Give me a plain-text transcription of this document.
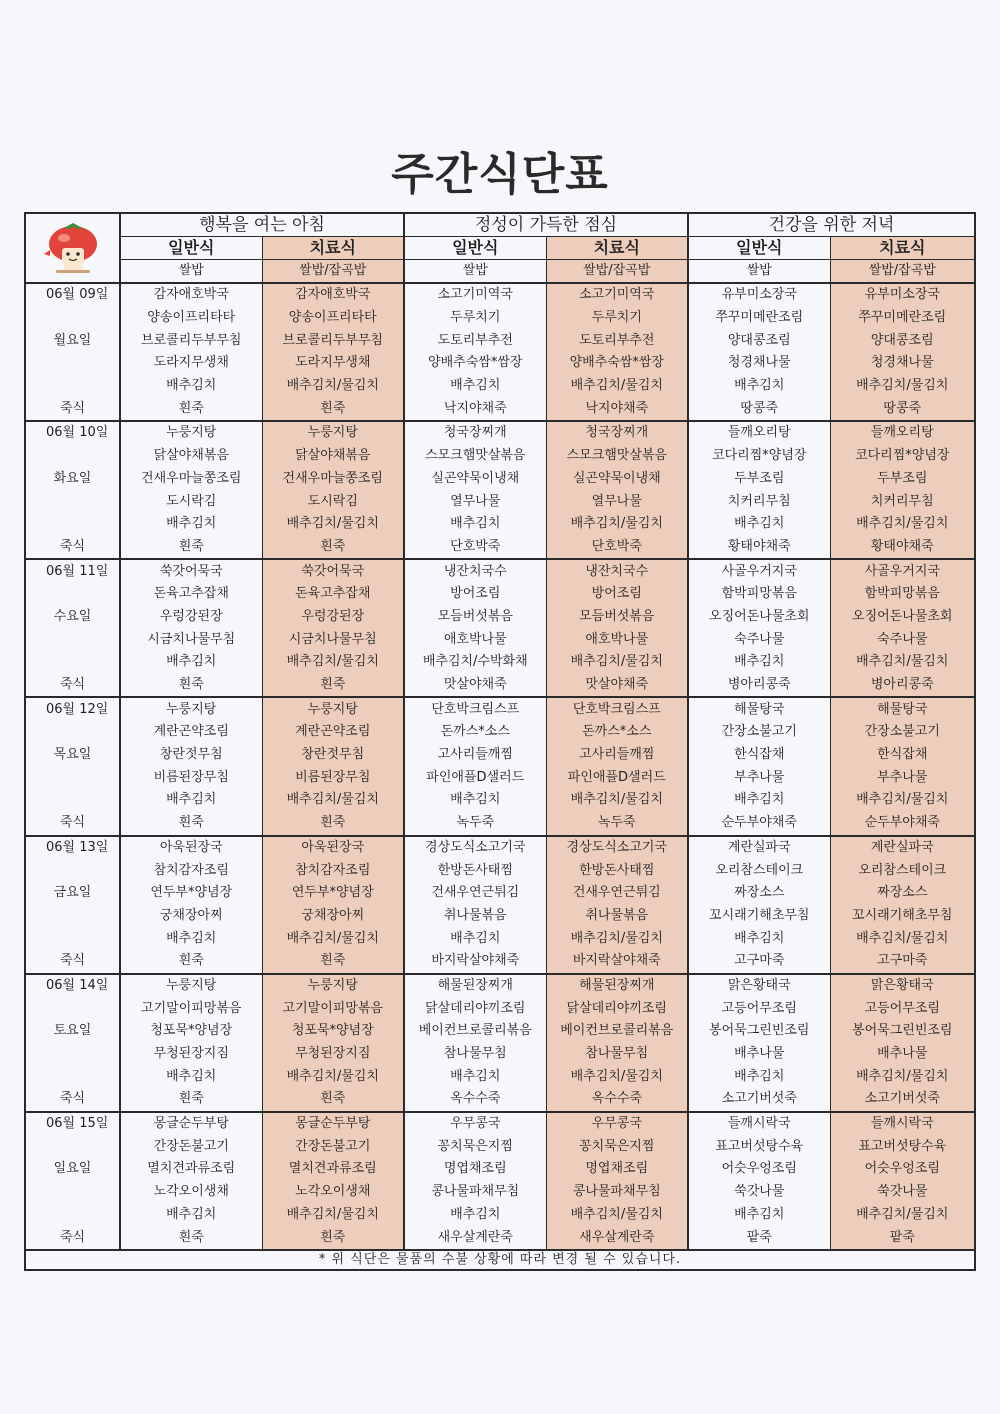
주간식단표
	행복을 여는 아침		정성이 가득한 점심		건강을 위한 저녁	
	일반식	치료식	일반식	치료식	일반식	치료식
	쌀밥	쌀밥/잡곡밥	쌀밥	쌀밥/잡곡밥	쌀밥	쌀밥/잡곡밥
06월 09일	감자애호박국	감자애호박국	소고기미역국	소고기미역국	유부미소장국	유부미소장국
	양송이프리타타	양송이프리타타	두루치기	두루치기	쭈꾸미메란조림	쭈꾸미메란조림
월요일	브로콜리두부무침	브로콜리두부무침	도토리부추전	도토리부추전	양대콩조림	양대콩조림
	도라지무생채	도라지무생채	양배추숙쌈*쌈장	양배추숙쌈*쌈장	청경채나물	청경채나물
	배추김치	배추김치/물김치	배추김치	배추김치/물김치	배추김치	배추김치/물김치
죽식	흰죽	흰죽	낙지야채죽	낙지야채죽	땅콩죽	땅콩죽
06월 10일	누룽지탕	누룽지탕	청국장찌개	청국장찌개	들깨오리탕	들깨오리탕
	닭살야채볶음	닭살야채볶음	스모크햄맛살볶음	스모크햄맛살볶음	코다리찜*양념장	코다리찜*양념장
화요일	건새우마늘쫑조림	건새우마늘쫑조림	실곤약묵이냉채	실곤약묵이냉채	두부조림	두부조림
	도시락김	도시락김	열무나물	열무나물	치커리무침	치커리무침
	배추김치	배추김치/물김치	배추김치	배추김치/물김치	배추김치	배추김치/물김치
죽식	흰죽	흰죽	단호박죽	단호박죽	황태야채죽	황태야채죽
06월 11일	쑥갓어묵국	쑥갓어묵국	냉잔치국수	냉잔치국수	사골우거지국	사골우거지국
	돈육고추잡채	돈육고추잡채	방어조림	방어조림	함박피망볶음	함박피망볶음
수요일	우렁강된장	우렁강된장	모듬버섯볶음	모듬버섯볶음	오징어돈나물초회	오징어돈나물초회
	시금치나물무침	시금치나물무침	애호박나물	애호박나물	숙주나물	숙주나물
	배추김치	배추김치/물김치	배추김치/수박화채	배추김치/물김치	배추김치	배추김치/물김치
죽식	흰죽	흰죽	맛살야채죽	맛살야채죽	병아리콩죽	병아리콩죽
06월 12일	누룽지탕	누룽지탕	단호박크림스프	단호박크림스프	해물탕국	해물탕국
	계란곤약조림	계란곤약조림	돈까스*소스	돈까스*소스	간장소불고기	간장소불고기
목요일	창란젓무침	창란젓무침	고사리들깨찜	고사리들깨찜	한식잡채	한식잡채
	비름된장무침	비름된장무침	파인애플D샐러드	파인애플D샐러드	부추나물	부추나물
	배추김치	배추김치/물김치	배추김치	배추김치/물김치	배추김치	배추김치/물김치
죽식	흰죽	흰죽	녹두죽	녹두죽	순두부야채죽	순두부야채죽
06월 13일	아욱된장국	아욱된장국	경상도식소고기국	경상도식소고기국	계란실파국	계란실파국
	참치감자조림	참치감자조림	한방돈사태찜	한방돈사태찜	오리참스테이크	오리참스테이크
금요일	연두부*양념장	연두부*양념장	건새우연근튀김	건새우연근튀김	짜장소스	짜장소스
	궁채장아찌	궁채장아찌	취나물볶음	취나물볶음	꼬시래기해초무침	꼬시래기해초무침
	배추김치	배추김치/물김치	배추김치	배추김치/물김치	배추김치	배추김치/물김치
죽식	흰죽	흰죽	바지락살야채죽	바지락살야채죽	고구마죽	고구마죽
06월 14일	누룽지탕	누룽지탕	해물된장찌개	해물된장찌개	맑은황태국	맑은황태국
	고기말이피망볶음	고기말이피망볶음	닭살데리야끼조림	닭살데리야끼조림	고등어무조림	고등어무조림
토요일	청포묵*양념장	청포묵*양념장	베이컨브로콜리볶음	베이컨브로콜리볶음	봉어묵그린빈조림	봉어묵그린빈조림
	무청된장지짐	무청된장지짐	참나물무침	참나물무침	배추나물	배추나물
	배추김치	배추김치/물김치	배추김치	배추김치/물김치	배추김치	배추김치/물김치
죽식	흰죽	흰죽	옥수수죽	옥수수죽	소고기버섯죽	소고기버섯죽
06월 15일	몽글순두부탕	몽글순두부탕	우무콩국	우무콩국	들깨시락국	들깨시락국
	간장돈불고기	간장돈불고기	꽁치묵은지찜	꽁치묵은지찜	표고버섯탕수육	표고버섯탕수육
일요일	멸치견과류조림	멸치견과류조림	명엽채조림	명엽채조림	어슷우엉조림	어슷우엉조림
	노각오이생채	노각오이생채	콩나물파채무침	콩나물파채무침	쑥갓나물	쑥갓나물
	배추김치	배추김치/물김치	배추김치	배추김치/물김치	배추김치	배추김치/물김치
죽식	흰죽	흰죽	새우살계란죽	새우살계란죽	팥죽	팥죽
* 위 식단은 물품의 수불 상황에 따라 변경 될 수 있습니다.						
